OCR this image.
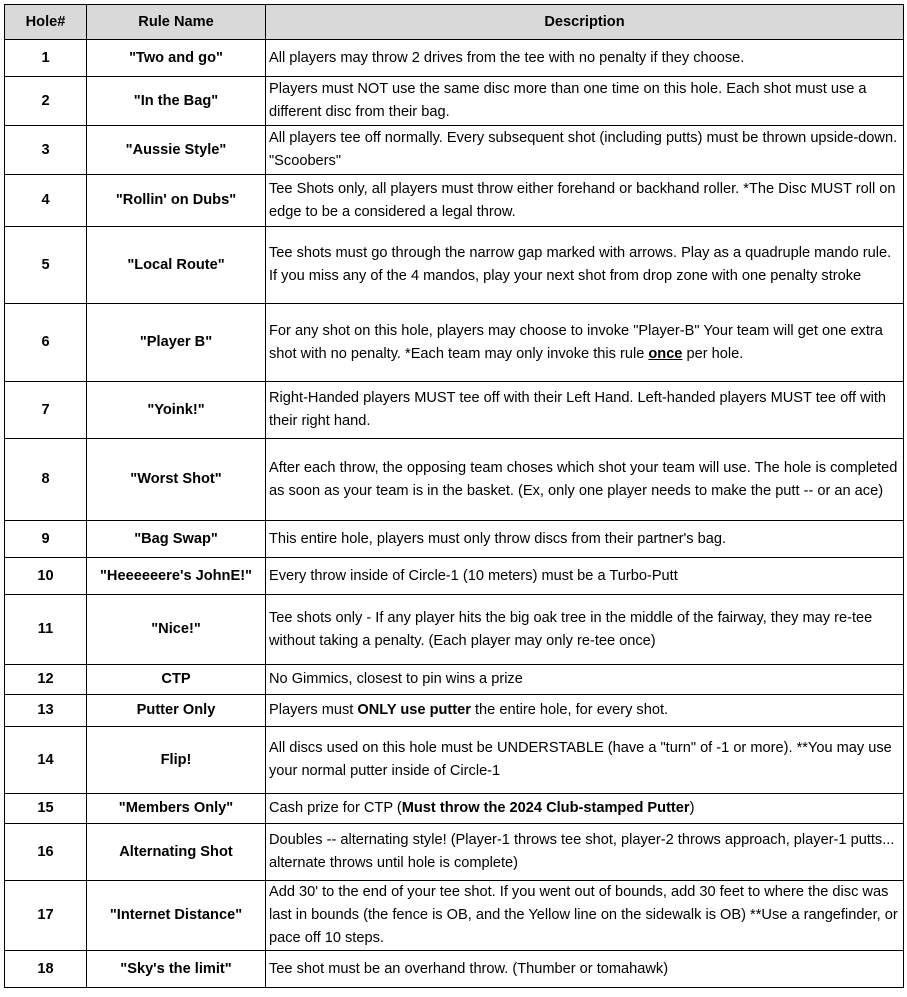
Hole#	Rule Name	Description
1	"Two and go"	All players may throw 2 drives from the tee with no penalty if they choose.
2	"In the Bag"	Players must NOT use the same disc more than one time on this hole. Each shot must use a different disc from their bag.
3	"Aussie Style"	All players tee off normally. Every subsequent shot (including putts) must be thrown upside-down. "Scoobers"
4	"Rollin' on Dubs"	Tee Shots only, all players must throw either forehand or backhand roller. *The Disc MUST roll on edge to be a considered a legal throw.
5	"Local Route"	Tee shots must go through the narrow gap marked with arrows. Play as a quadruple mando rule. If you miss any of the 4 mandos, play your next shot from drop zone with one penalty stroke
6	"Player B"	For any shot on this hole, players may choose to invoke "Player-B" Your team will get one extra shot with no penalty. *Each team may only invoke this rule once per hole.
7	"Yoink!"	Right-Handed players MUST tee off with their Left Hand. Left-handed players MUST tee off with their right hand.
8	"Worst Shot"	After each throw, the opposing team choses which shot your team will use. The hole is completed as soon as your team is in the basket. (Ex, only one player needs to make the putt -- or an ace)
9	"Bag Swap"	This entire hole, players must only throw discs from their partner's bag.
10	"Heeeeeere's JohnE!"	Every throw inside of Circle-1 (10 meters) must be a Turbo-Putt
11	"Nice!"	Tee shots only - If any player hits the big oak tree in the middle of the fairway, they may re-tee without taking a penalty. (Each player may only re-tee once)
12	CTP	No Gimmics, closest to pin wins a prize
13	Putter Only	Players must ONLY use putter the entire hole, for every shot.
14	Flip!	All discs used on this hole must be UNDERSTABLE (have a "turn" of -1 or more). **You may use your normal putter inside of Circle-1
15	"Members Only"	Cash prize for CTP (Must throw the 2024 Club-stamped Putter)
16	Alternating Shot	Doubles -- alternating style! (Player-1 throws tee shot, player-2 throws approach, player-1 putts... alternate throws until hole is complete)
17	"Internet Distance"	Add 30' to the end of your tee shot. If you went out of bounds, add 30 feet to where the disc was last in bounds (the fence is OB, and the Yellow line on the sidewalk is OB) **Use a rangefinder, or pace off 10 steps.
18	"Sky's the limit"	Tee shot must be an overhand throw. (Thumber or tomahawk)
